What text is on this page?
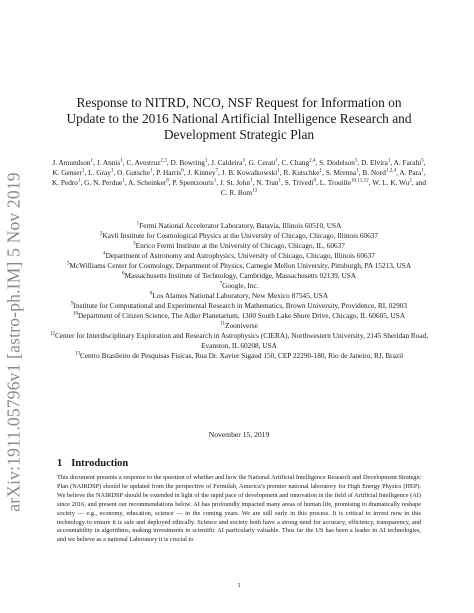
arXiv:1911.05796v1 [astro-ph.IM] 5 Nov 2019
Response to NITRD, NCO, NSF Request for Information on
Update to the 2016 National Artificial Intelligence Research and
Development Strategic Plan
J. Amundson$^1$, J. Annis$^1$, C. Avestruz$^{2,3}$, D. Bowring$^1$, J. Caldeira$^3$, G. Cerati$^1$, C. Chang$^{2,4}$, S. Dodelson$^5$, D. Elvira$^1$, A. Farahi$^5$, K. Genser$^1$, L. Gray$^1$, O. Gutsche$^1$, P. Harris$^6$, J. Kinney$^7$, J. B. Kowalkowski$^1$, R. Kutschke$^1$, S. Mrenna$^1$, B. Nord$^{1,2,4}$, A. Para$^1$, K. Pedro$^1$, G. N. Perdue$^1$, A. Scheinker$^8$, P. Spentzouris$^1$, J. St. John$^1$, N. Tran$^1$, S. Trivedi$^9$, L. Trouille$^{10,11,12}$, W. L. K. Wu$^2$, and C. R. Bom$^{13}$
$^1$Fermi National Accelerator Laboratory, Batavia, Illinois 60510, USA
$^2$Kavli Institute for Cosmological Physics at the University of Chicago, Chicago, Illinois 60637
$^3$Enrico Fermi Institute at the University of Chicago, Chicago, IL, 60637
$^4$Department of Astronomy and Astrophysics, University of Chicago, Chicago, Illinois 60637
$^5$McWilliams Center for Cosmology, Department of Physics, Carnegie Mellon University, Pittsburgh, PA 15213, USA
$^6$Massachusetts Institute of Technology, Cambridge, Massachusetts 02139, USA
$^7$Google, Inc.
$^8$Los Alamos National Laboratory, New Mexico 87545, USA
$^9$Institute for Computational and Experimental Research in Mathematics, Brown University, Providence, RI, 02903
$^{10}$Department of Citizen Science, The Adler Planetarium, 1300 South Lake Shore Drive, Chicago, IL 60605, USA
$^{11}$Zooniverse
$^{12}$Center for Interdisciplinary Exploration and Research in Astrophysics (CIERA), Northwestern University, 2145 Sheridan Road, Evanston, IL 60208, USA
$^{13}$Centro Brasileiro de Pesquisas Físicas, Rua Dr. Xavier Sigaud 150, CEP 22290-180, Rio de Janeiro, RJ, Brazil
November 15, 2019
1 Introduction
This document presents a response to the question of whether and how the National Artificial Intelligence Research and Development Strategic Plan (NAIRDSP) should be updated from the perspective of Fermilab, America’s premier national laboratory for High Energy Physics (HEP). We believe the NAIRDSP should be extended in light of the rapid pace of development and innovation in the field of Artificial Intelligence (AI) since 2016, and present our recommendations below. AI has profoundly impacted many areas of human life, promising to dramatically reshape society — e.g., economy, education, science — in the coming years. We are still early in this process. It is critical to invest now in this technology to ensure it is safe and deployed ethically. Science and society both have a strong need for accuracy, efficiency, transparency, and accountability in algorithms, making investments in scientific AI particularly valuable. Thus far the US has been a leader in AI technologies, and we believe as a national Laboratory it is crucial to
1
